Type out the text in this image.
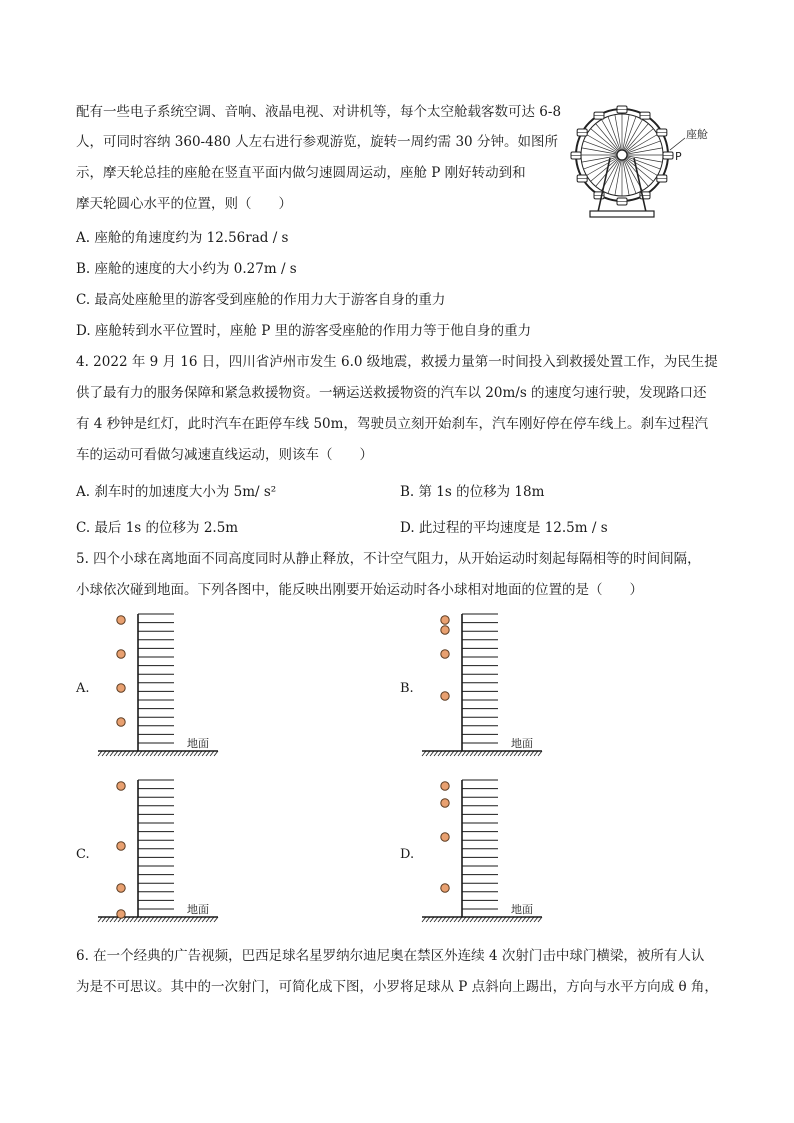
配有一些电子系统空调、音响、液晶电视、对讲机等，每个太空舱载客数可达 6-8
人，可同时容纳 360-480 人左右进行参观游览，旋转一周约需 30 分钟。如图所
示，摩天轮总挂的座舱在竖直平面内做匀速圆周运动，座舱 P 刚好转动到和
摩天轮圆心水平的位置，则（　　）
座舱
P
A. 座舱的角速度约为 12.56rad / s
B. 座舱的速度的大小约为 0.27m / s
C. 最高处座舱里的游客受到座舱的作用力大于游客自身的重力
D. 座舱转到水平位置时，座舱 P 里的游客受座舱的作用力等于他自身的重力
4. 2022 年 9 月 16 日，四川省泸州市发生 6.0 级地震，救援力量第一时间投入到救援处置工作，为民生提
供了最有力的服务保障和紧急救援物资。一辆运送救援物资的汽车以 20m/s 的速度匀速行驶，发现路口还
有 4 秒钟是红灯，此时汽车在距停车线 50m，驾驶员立刻开始刹车，汽车刚好停在停车线上。刹车过程汽
车的运动可看做匀减速直线运动，则该车（　　）
A. 刹车时的加速度大小为 5m/ s²	B. 第 1s 的位移为 18m
C. 最后 1s 的位移为 2.5m	D. 此过程的平均速度是 12.5m / s
5. 四个小球在离地面不同高度同时从静止释放，不计空气阻力，从开始运动时刻起每隔相等的时间间隔，
小球依次碰到地面。下列各图中，能反映出刚要开始运动时各小球相对地面的位置的是（　　）
A.	B.
C.	D.
地面	地面
地面	地面
6. 在一个经典的广告视频，巴西足球名星罗纳尔迪尼奥在禁区外连续 4 次射门击中球门横梁，被所有人认
为是不可思议。其中的一次射门，可简化成下图，小罗将足球从 P 点斜向上踢出，方向与水平方向成 θ 角，
